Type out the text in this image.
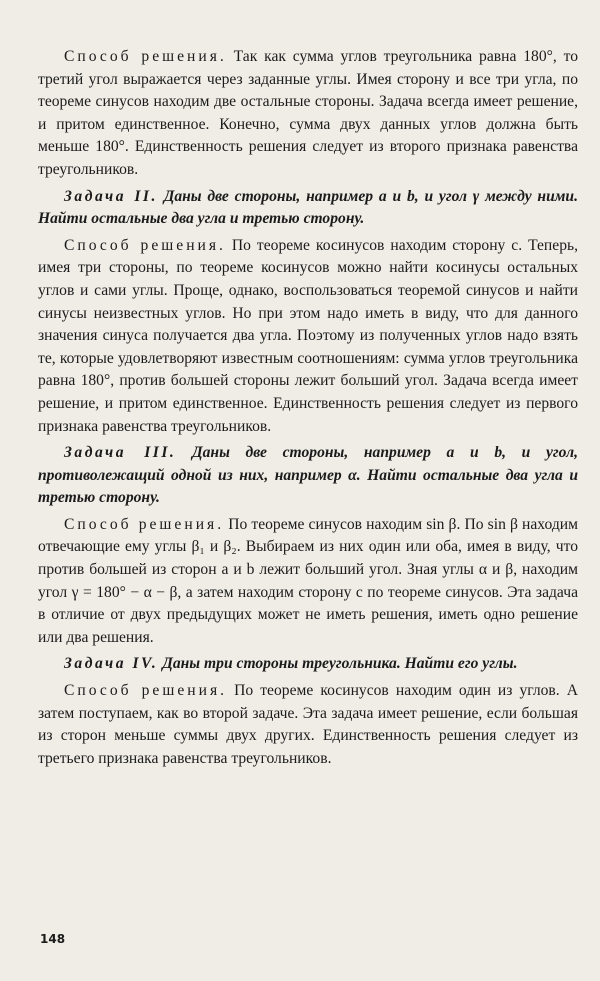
Способ решения. Так как сумма углов треугольника равна 180°, то третий угол выражается через заданные углы. Имея сторону и все три угла, по теореме синусов находим две остальные стороны. Задача всегда имеет решение, и притом единственное. Конечно, сумма двух данных углов должна быть меньше 180°. Единственность решения следует из второго признака равенства треугольников.

Задача II. Даны две стороны, например a и b, и угол γ между ними. Найти остальные два угла и третью сторону.

Способ решения. По теореме косинусов находим сторону c. Теперь, имея три стороны, по теореме косинусов можно найти косинусы остальных углов и сами углы. Проще, однако, воспользоваться теоремой синусов и найти синусы неизвестных углов. Но при этом надо иметь в виду, что для данного значения синуса получается два угла. Поэтому из полученных углов надо взять те, которые удовлетворяют известным соотношениям: сумма углов треугольника равна 180°, против большей стороны лежит больший угол. Задача всегда имеет решение, и притом единственное. Единственность решения следует из первого признака равенства треугольников.

Задача III. Даны две стороны, например a и b, и угол, противолежащий одной из них, например α. Найти остальные два угла и третью сторону.

Способ решения. По теореме синусов находим sin β. По sin β находим отвечающие ему углы β₁ и β₂. Выбираем из них один или оба, имея в виду, что против большей из сторон a и b лежит больший угол. Зная углы α и β, находим угол γ = 180° − α − β, а затем находим сторону c по теореме синусов. Эта задача в отличие от двух предыдущих может не иметь решения, иметь одно решение или два решения.

Задача IV. Даны три стороны треугольника. Найти его углы.

Способ решения. По теореме косинусов находим один из углов. А затем поступаем, как во второй задаче. Эта задача имеет решение, если большая из сторон меньше суммы двух других. Единственность решения следует из третьего признака равенства треугольников.

148
